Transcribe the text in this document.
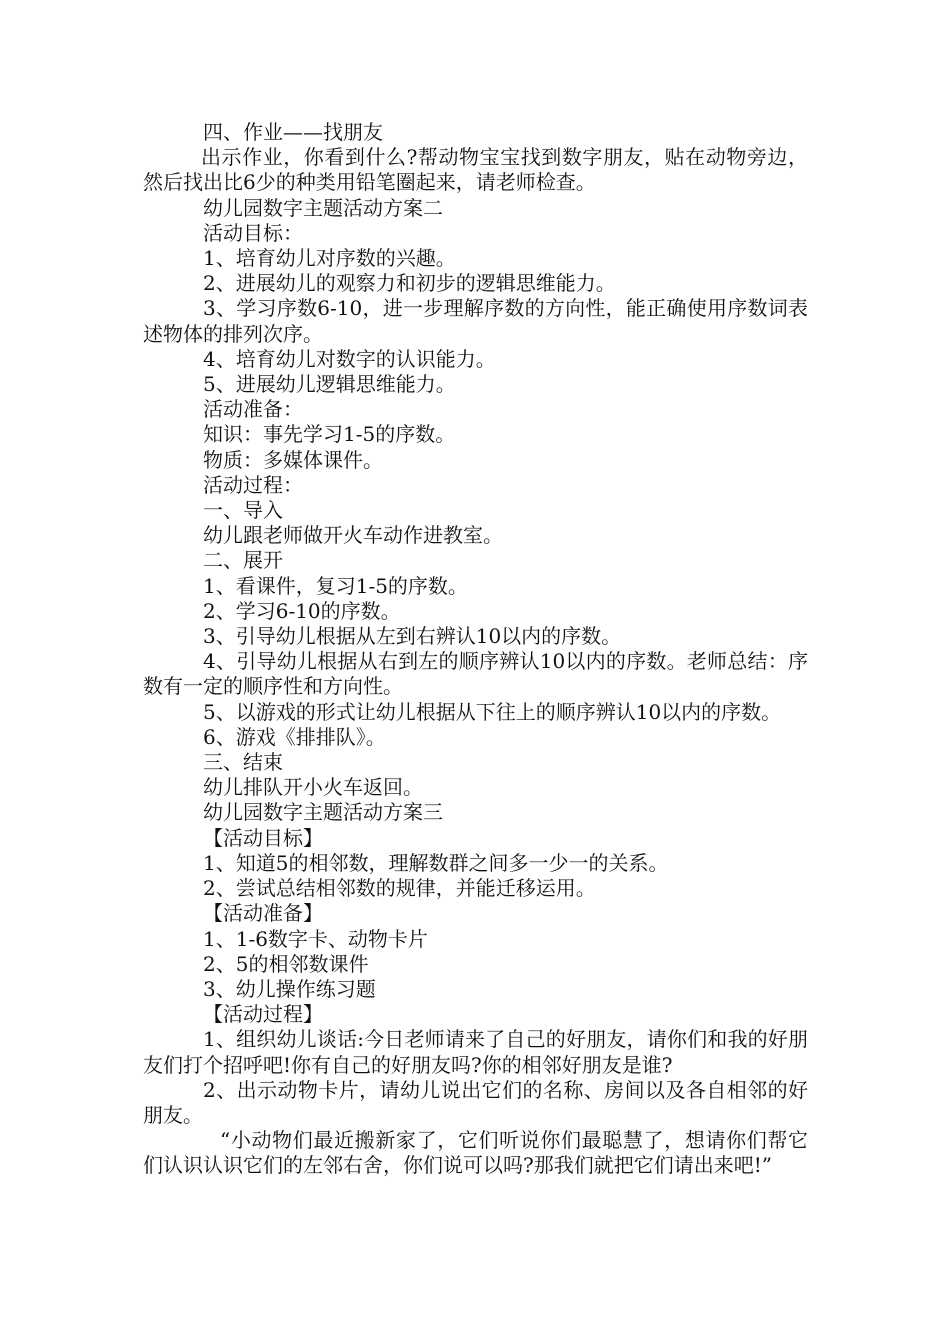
四、作业——找朋友

出示作业，你看到什么?帮动物宝宝找到数字朋友，贴在动物旁边，然后找出比6少的种类用铅笔圈起来，请老师检查。

幼儿园数字主题活动方案二

活动目标：

1、培育幼儿对序数的兴趣。

2、进展幼儿的观察力和初步的逻辑思维能力。

3、学习序数6-10，进一步理解序数的方向性，能正确使用序数词表述物体的排列次序。

4、培育幼儿对数字的认识能力。

5、进展幼儿逻辑思维能力。

活动准备：

知识：事先学习1-5的序数。

物质：多媒体课件。

活动过程：

一、导入

幼儿跟老师做开火车动作进教室。

二、展开

1、看课件，复习1-5的序数。

2、学习6-10的序数。

3、引导幼儿根据从左到右辨认10以内的序数。

4、引导幼儿根据从右到左的顺序辨认10以内的序数。老师总结：序数有一定的顺序性和方向性。

5、以游戏的形式让幼儿根据从下往上的顺序辨认10以内的序数。

6、游戏《排排队》。

三、结束

幼儿排队开小火车返回。

幼儿园数字主题活动方案三

【活动目标】

1、知道5的相邻数，理解数群之间多一少一的关系。

2、尝试总结相邻数的规律，并能迁移运用。

【活动准备】

1、1-6数字卡、动物卡片

2、5的相邻数课件

3、幼儿操作练习题

【活动过程】

1、组织幼儿谈话:今日老师请来了自己的好朋友，请你们和我的好朋友们打个招呼吧!你有自己的好朋友吗?你的相邻好朋友是谁?

2、出示动物卡片，请幼儿说出它们的名称、房间以及各自相邻的好朋友。

“小动物们最近搬新家了，它们听说你们最聪慧了，想请你们帮它们认识认识它们的左邻右舍，你们说可以吗?那我们就把它们请出来吧!”
